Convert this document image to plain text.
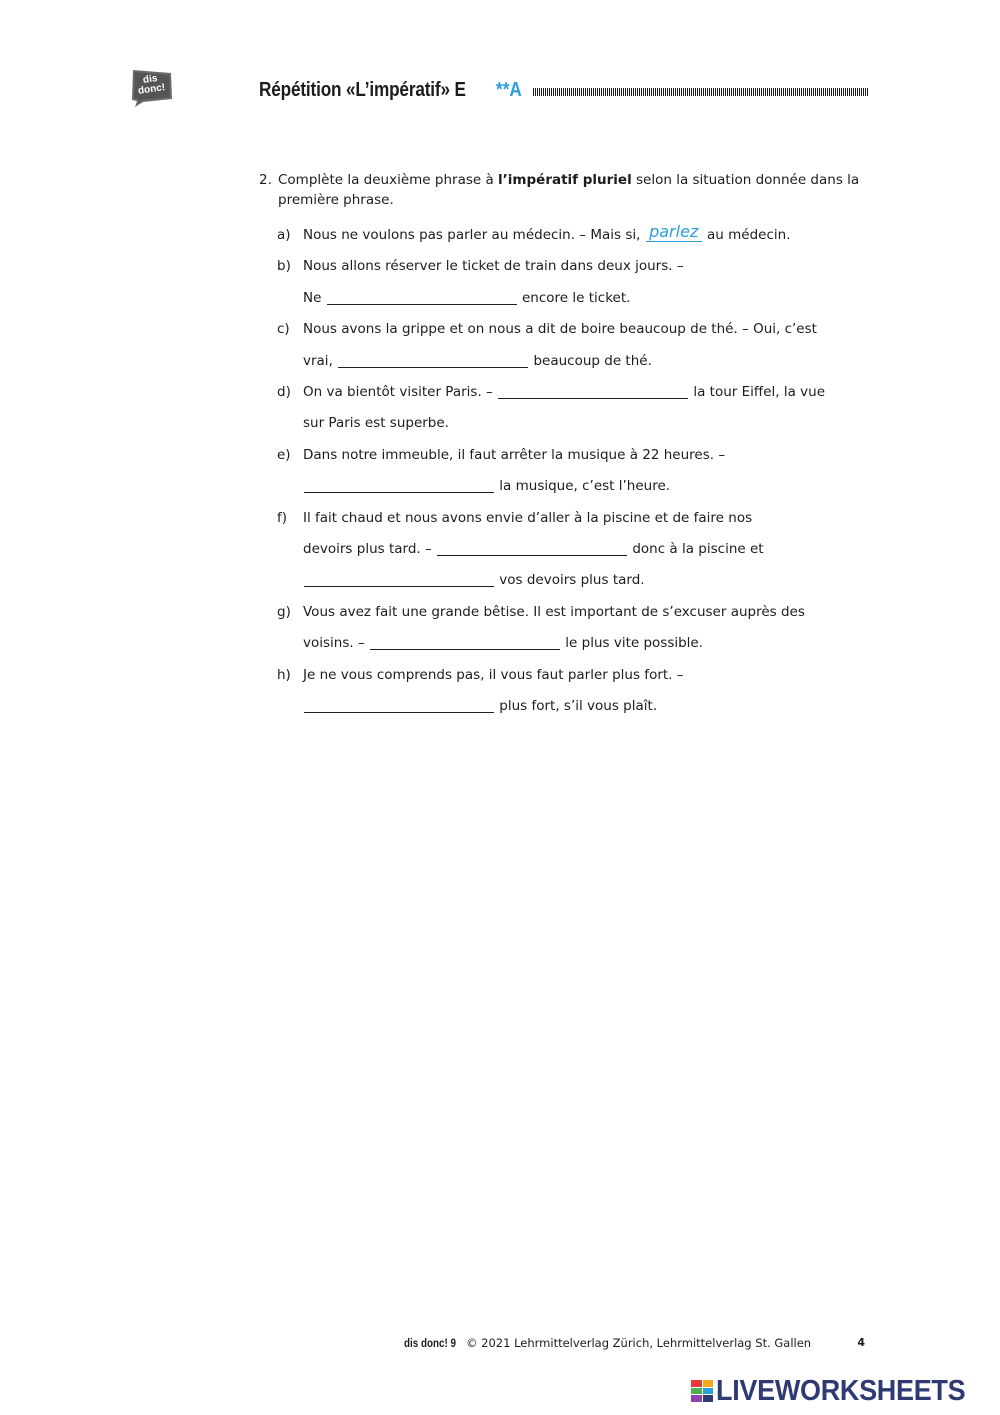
dis donc!	Répétition «L’impératif» E **A
2. Complète la deuxième phrase à l’impératif pluriel selon la situation donnée dans la première phrase.
a) Nous ne voulons pas parler au médecin. – Mais si, parlez au médecin.
b) Nous allons réserver le ticket de train dans deux jours. –
Ne	encore le ticket.
c) Nous avons la grippe et on nous a dit de boire beaucoup de thé. – Oui, c’est
vrai,	beaucoup de thé.
d) On va bientôt visiter Paris. –	la tour Eiffel, la vue
sur Paris est superbe.
e) Dans notre immeuble, il faut arrêter la musique à 22 heures. –
la musique, c’est l’heure.
f) Il fait chaud et nous avons envie d’aller à la piscine et de faire nos
devoirs plus tard. –	donc à la piscine et
vos devoirs plus tard.
g) Vous avez fait une grande bêtise. Il est important de s’excuser auprès des
voisins. –	le plus vite possible.
h) Je ne vous comprends pas, il vous faut parler plus fort. –
plus fort, s’il vous plaît.
dis donc! 9 © 2021 Lehrmittelverlag Zürich, Lehrmittelverlag St. Gallen	4
LIVEWORKSHEETS
